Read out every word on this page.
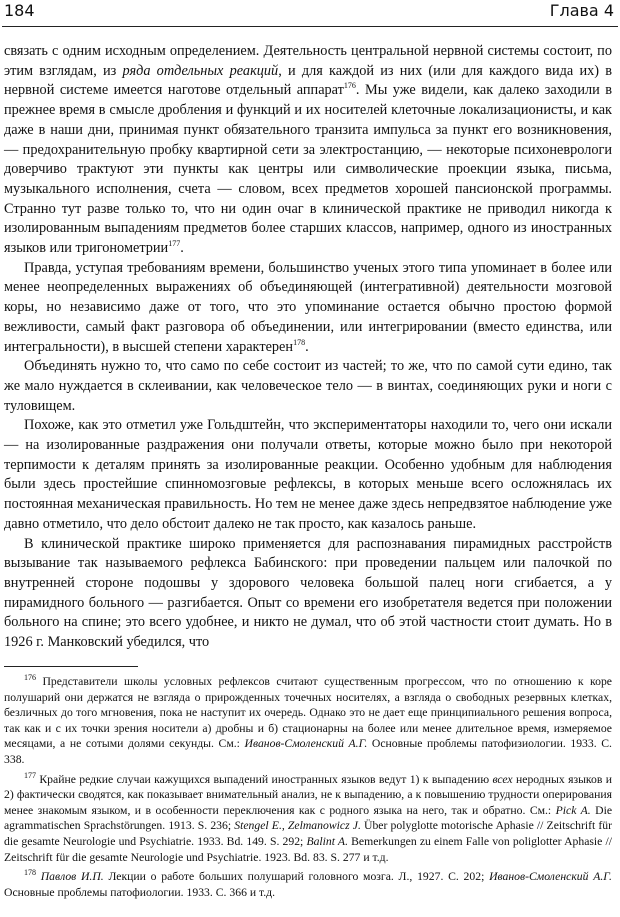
184	Глава 4

связать с одним исходным определением. Деятельность центральной нервной системы состоит, по этим взглядам, из ряда отдельных реакций, и для каждой из них (или для каждого вида их) в нервной системе имеется наготове отдельный аппарат$^{176}$. Мы уже видели, как далеко заходили в прежнее время в смысле дробления и функций и их носителей клеточные локализационисты, и как даже в наши дни, принимая пункт обязательного транзита импульса за пункт его возникновения, — предохранительную пробку квартирной сети за электростанцию, — некоторые психоневрологи доверчиво трактуют эти пункты как центры или символические проекции языка, письма, музыкального исполнения, счета — словом, всех предметов хорошей пансионской программы. Странно тут разве только то, что ни один очаг в клинической практике не приводил никогда к изолированным выпадениям предметов более старших классов, например, одного из иностранных языков или тригонометрии$^{177}$.

Правда, уступая требованиям времени, большинство ученых этого типа упоминает в более или менее неопределенных выражениях об объединяющей (интегративной) деятельности мозговой коры, но независимо даже от того, что это упоминание остается обычно простою формой вежливости, самый факт разговора об объединении, или интегрировании (вместо единства, или интегральности), в высшей степени характерен$^{178}$.

Объединять нужно то, что само по себе состоит из частей; то же, что по самой сути едино, так же мало нуждается в склеивании, как человеческое тело — в винтах, соединяющих руки и ноги с туловищем.

Похоже, как это отметил уже Гольдштейн, что экспериментаторы находили то, чего они искали — на изолированные раздражения они получали ответы, которые можно было при некоторой терпимости к деталям принять за изолированные реакции. Особенно удобным для наблюдения были здесь простейшие спинномозговые рефлексы, в которых меньше всего осложнялась их постоянная механическая правильность. Но тем не менее даже здесь непредвзятое наблюдение уже давно отметило, что дело обстоит далеко не так просто, как казалось раньше.

В клинической практике широко применяется для распознавания пирамидных расстройств вызывание так называемого рефлекса Бабинского: при проведении пальцем или палочкой по внутренней стороне подошвы у здорового человека большой палец ноги сгибается, а у пирамидного больного — разгибается. Опыт со времени его изобретателя ведется при положении больного на спине; это всего удобнее, и никто не думал, что об этой частности стоит думать. Но в 1926 г. Манковский убедился, что

$^{176}$ Представители школы условных рефлексов считают существенным прогрессом, что по отношению к коре полушарий они держатся не взгляда о прирожденных точечных носителях, а взгляда о свободных резервных клетках, безличных до того мгновения, пока не наступит их очередь. Однако это не дает еще принципиального решения вопроса, так как и с их точки зрения носители а) дробны и б) стационарны на более или менее длительное время, измеряемое месяцами, а не сотыми долями секунды. См.: Иванов-Смоленский А.Г. Основные проблемы патофизиологии. 1933. С. 338.

$^{177}$ Крайне редкие случаи кажущихся выпадений иностранных языков ведут 1) к выпадению всех неродных языков и 2) фактически сводятся, как показывает внимательный анализ, не к выпадению, а к повышению трудности оперирования менее знакомым языком, и в особенности переключения как с родного языка на него, так и обратно. См.: Pick A. Die agrammatischen Sprachstörungen. 1913. S. 236; Stengel E., Zelmanowicz J. Über polyglotte motorische Aphasie // Zeitschrift für die gesamte Neurologie und Psychiatrie. 1933. Bd. 149. S. 292; Balint A. Bemerkungen zu einem Falle von poliglotter Aphasie // Zeitschrift für die gesamte Neurologie und Psychiatrie. 1923. Bd. 83. S. 277 и т.д.

$^{178}$ Павлов И.П. Лекции о работе больших полушарий головного мозга. Л., 1927. С. 202; Иванов-Смоленский А.Г. Основные проблемы патофиологии. 1933. С. 366 и т.д.
